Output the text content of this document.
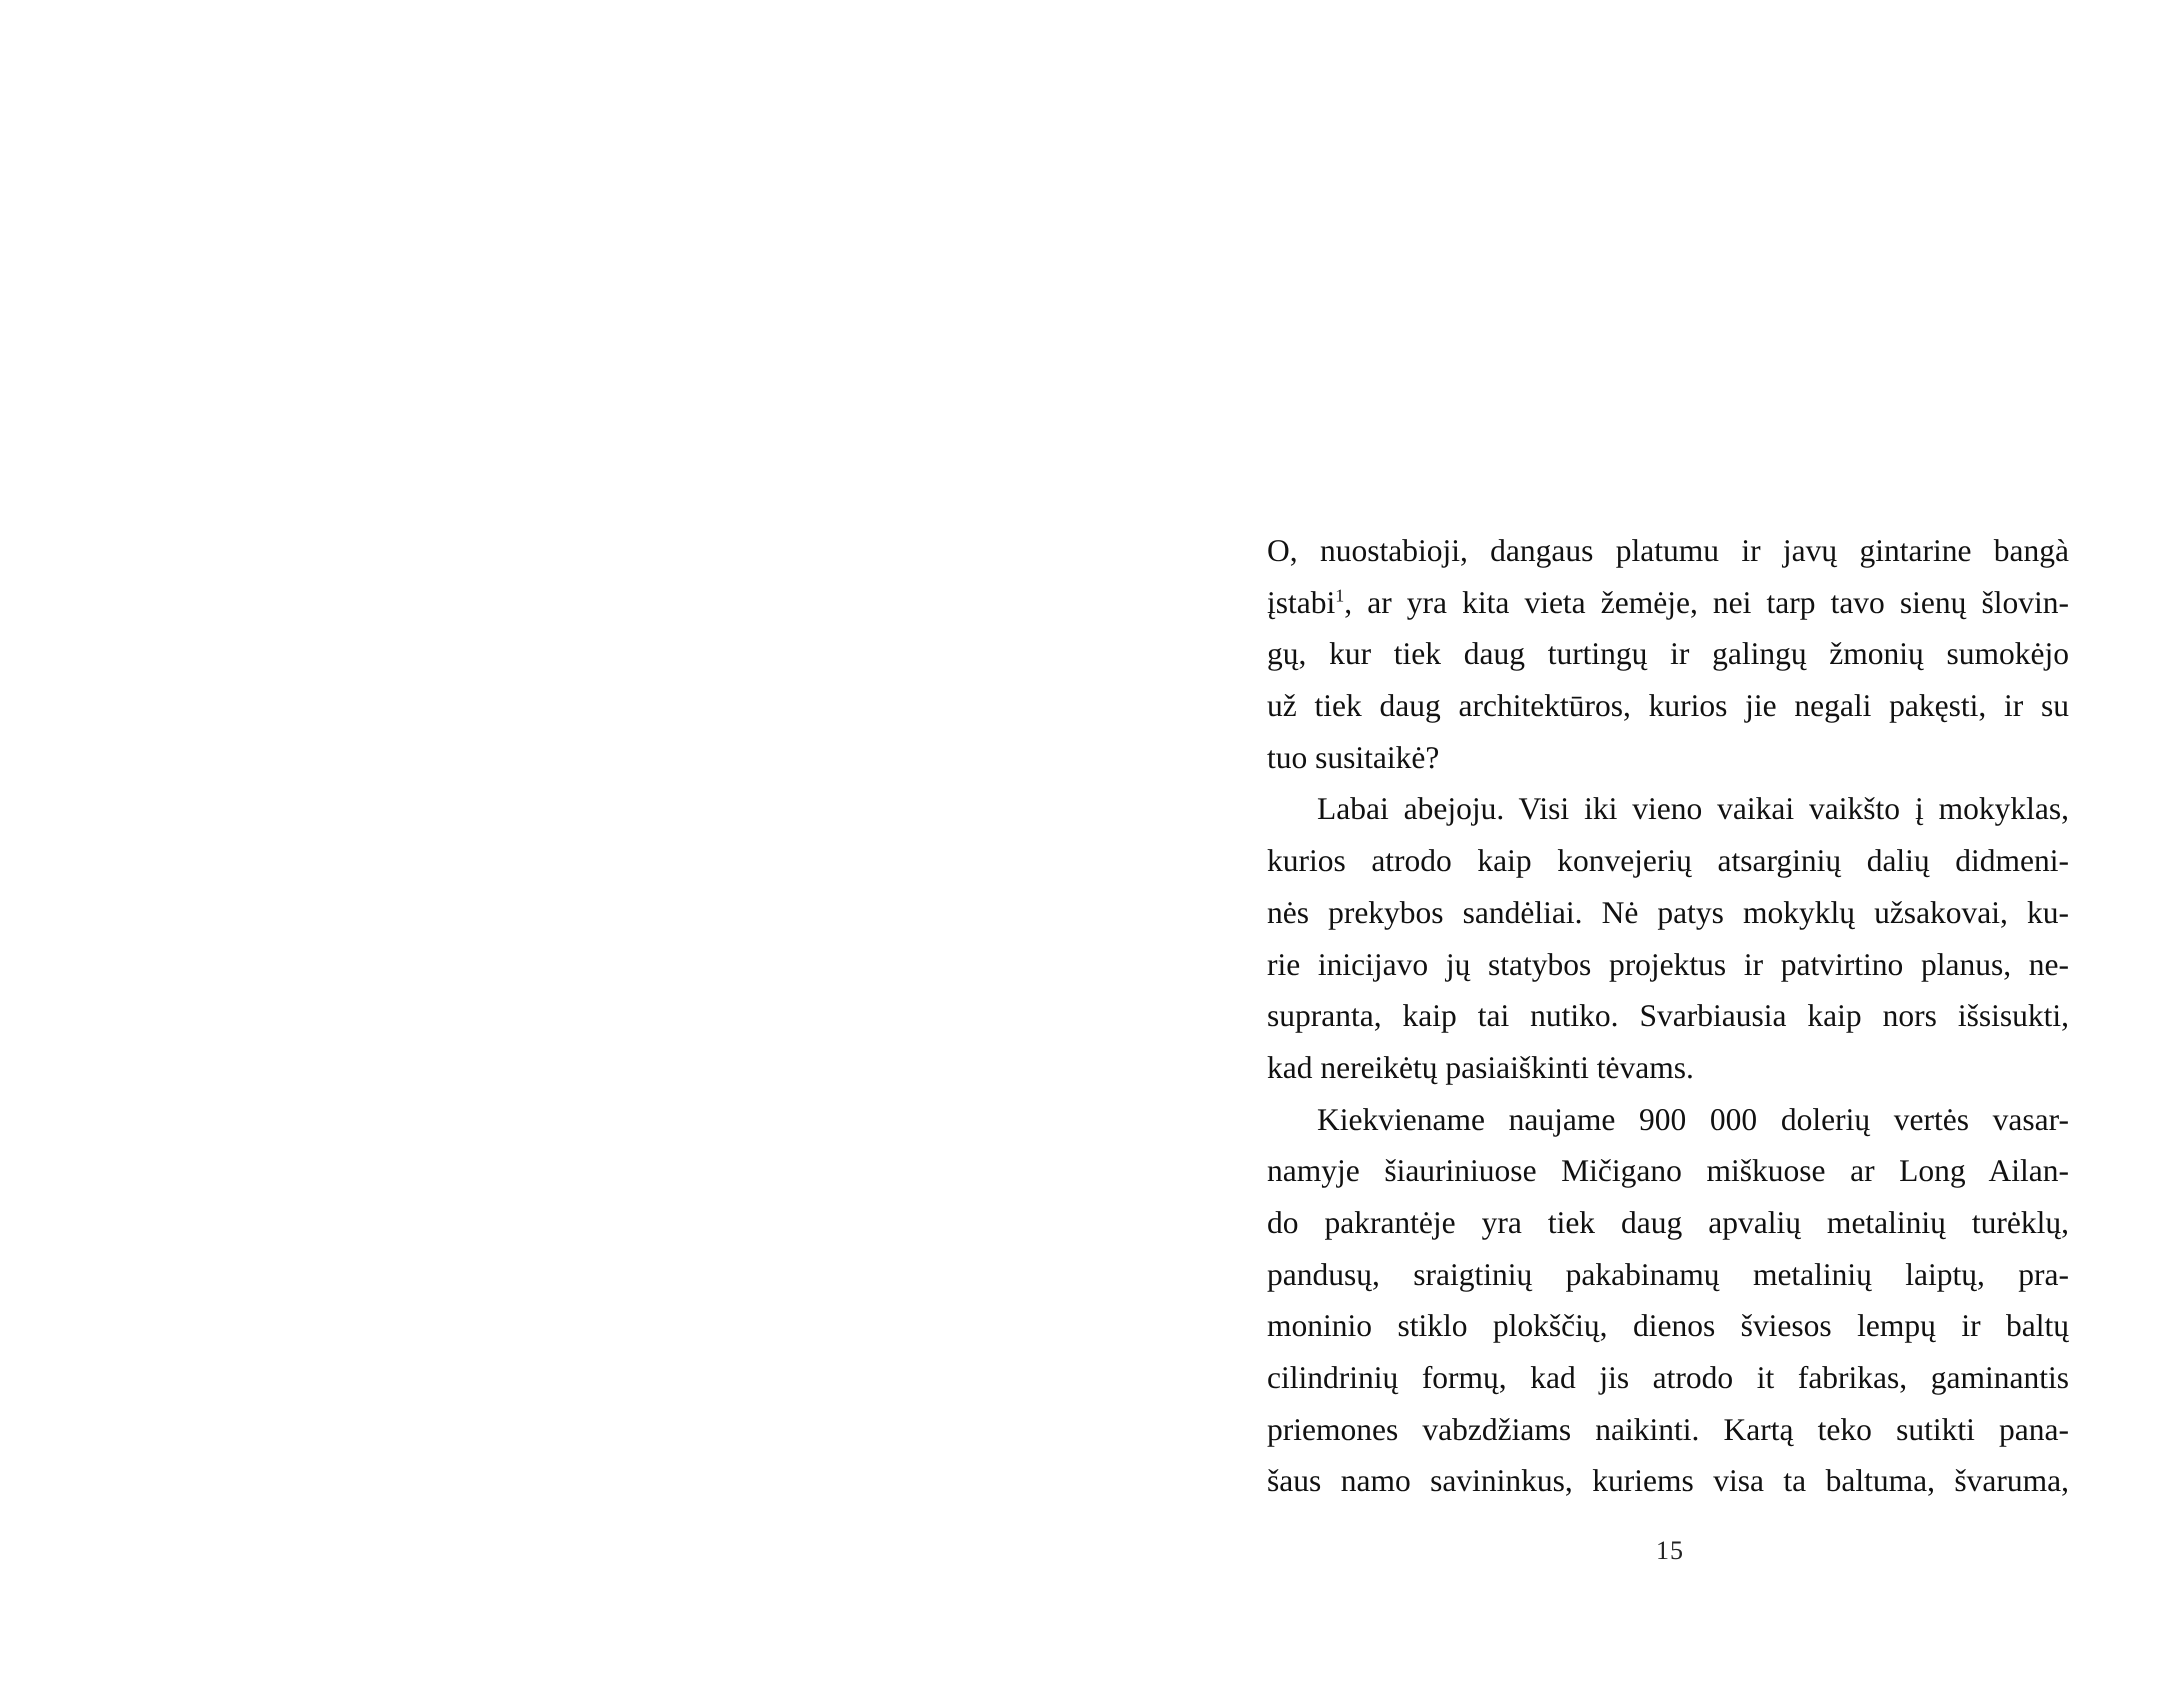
O, nuostabioji, dangaus platumu ir javų gintarine bangà
įstabi$^1$, ar yra kita vieta žemėje, nei tarp tavo sienų šlovin-
gų, kur tiek daug turtingų ir galingų žmonių sumokėjo
už tiek daug architektūros, kurios jie negali pakęsti, ir su
tuo susitaikė?
Labai abejoju. Visi iki vieno vaikai vaikšto į mokyklas,
kurios atrodo kaip konvejerių atsarginių dalių didmeni-
nės prekybos sandėliai. Nė patys mokyklų užsakovai, ku-
rie inicijavo jų statybos projektus ir patvirtino planus, ne-
supranta, kaip tai nutiko. Svarbiausia kaip nors išsisukti,
kad nereikėtų pasiaiškinti tėvams.
Kiekviename naujame 900 000 dolerių vertės vasar-
namyje šiauriniuose Mičigano miškuose ar Long Ailan-
do pakrantėje yra tiek daug apvalių metalinių turėklų,
pandusų, sraigtinių pakabinamų metalinių laiptų, pra-
moninio stiklo plokščių, dienos šviesos lempų ir baltų
cilindrinių formų, kad jis atrodo it fabrikas, gaminantis
priemones vabzdžiams naikinti. Kartą teko sutikti pana-
šaus namo savininkus, kuriems visa ta baltuma, švaruma,
15
